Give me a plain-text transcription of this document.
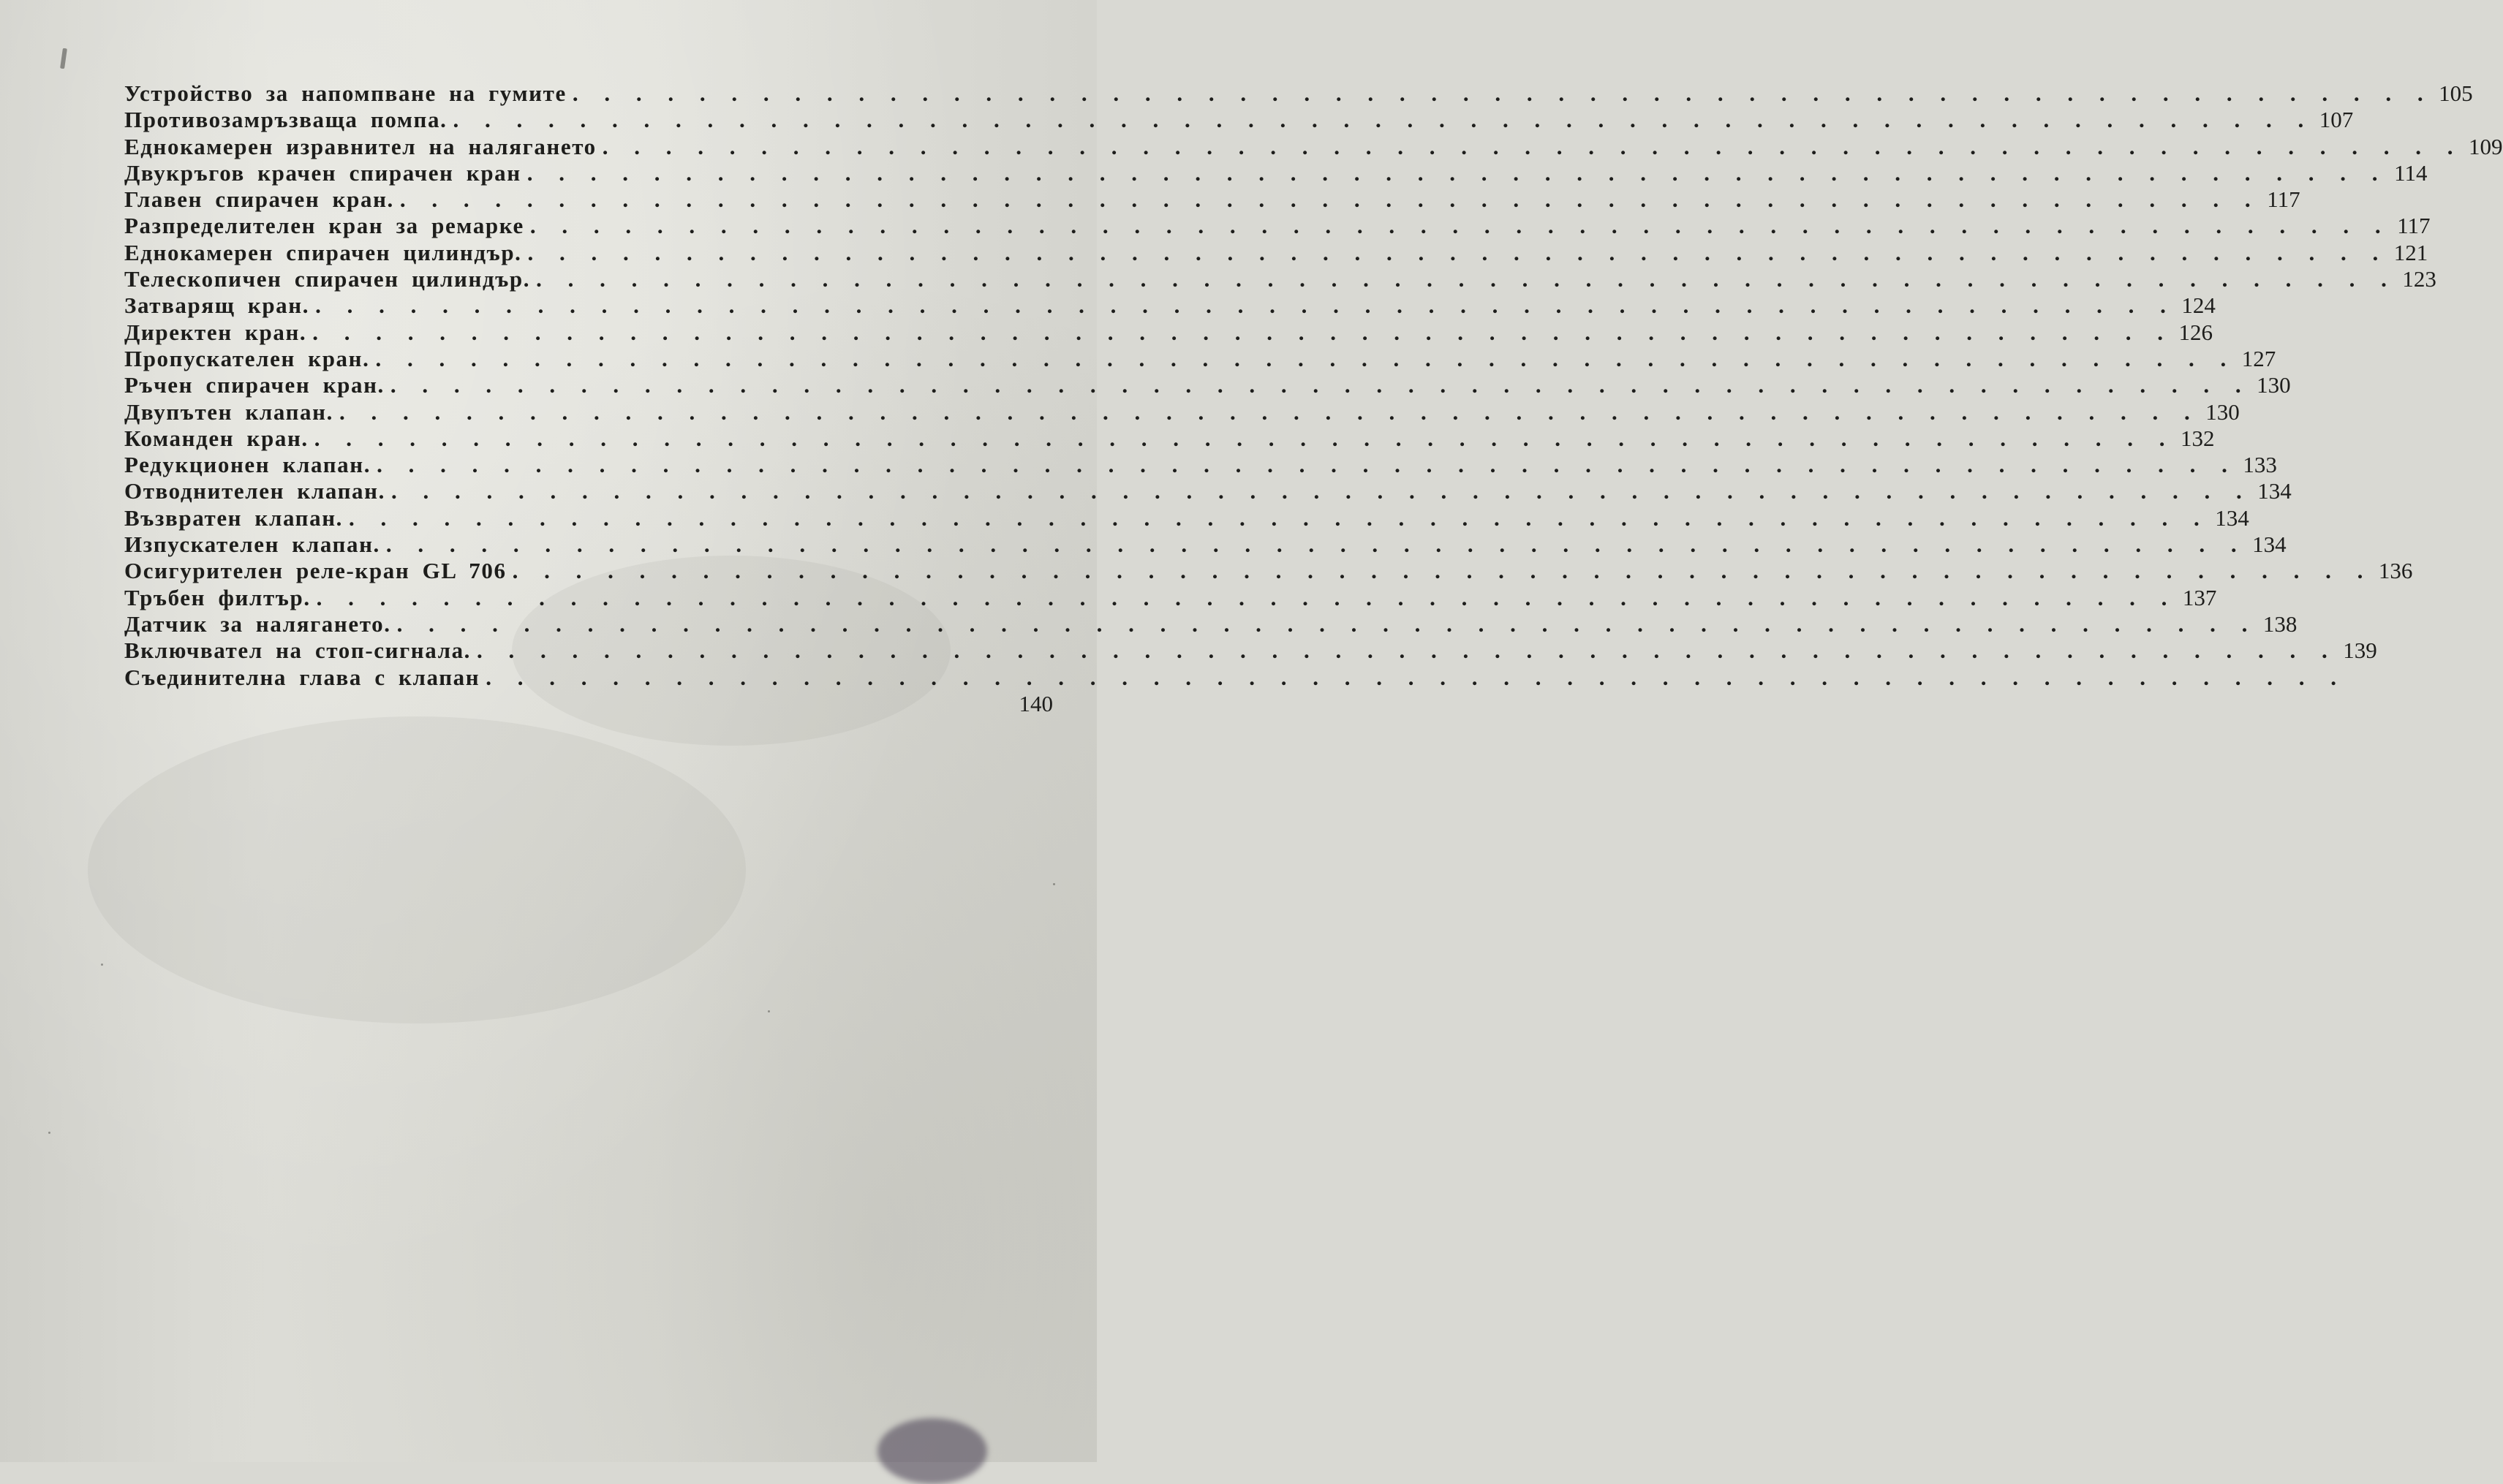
Устройство за напомпване на гумите . . . . . . . . . . . . . . . . . . . . . . . . . . . . . . . . . . . . . . . . . . . . . . . . . . . . . . . . . . . 105
Противозамръзваща помпа. . . . . . . . . . . . . . . . . . . . . . . . . . . . . . . . . . . . . . . . . . . . . . . . . . . . . . . . . . . . 107
Еднокамерен изравнител на налягането . . . . . . . . . . . . . . . . . . . . . . . . . . . . . . . . . . . . . . . . . . . . . . . . . . . . . . . . . . . 109
Двукръгов крачен спирачен кран . . . . . . . . . . . . . . . . . . . . . . . . . . . . . . . . . . . . . . . . . . . . . . . . . . . . . . . . . . . 114
Главен спирачен кран. . . . . . . . . . . . . . . . . . . . . . . . . . . . . . . . . . . . . . . . . . . . . . . . . . . . . . . . . . . . 117
Разпределителен кран за ремарке . . . . . . . . . . . . . . . . . . . . . . . . . . . . . . . . . . . . . . . . . . . . . . . . . . . . . . . . . . . 117
Еднокамерен спирачен цилиндър. . . . . . . . . . . . . . . . . . . . . . . . . . . . . . . . . . . . . . . . . . . . . . . . . . . . . . . . . . . . 121
Телескопичен спирачен цилиндър. . . . . . . . . . . . . . . . . . . . . . . . . . . . . . . . . . . . . . . . . . . . . . . . . . . . . . . . . . . . 123
Затварящ кран. . . . . . . . . . . . . . . . . . . . . . . . . . . . . . . . . . . . . . . . . . . . . . . . . . . . . . . . . . . . 124
Директен кран. . . . . . . . . . . . . . . . . . . . . . . . . . . . . . . . . . . . . . . . . . . . . . . . . . . . . . . . . . . . 126
Пропускателен кран. . . . . . . . . . . . . . . . . . . . . . . . . . . . . . . . . . . . . . . . . . . . . . . . . . . . . . . . . . . . 127
Ръчен спирачен кран. . . . . . . . . . . . . . . . . . . . . . . . . . . . . . . . . . . . . . . . . . . . . . . . . . . . . . . . . . . . 130
Двупътен клапан. . . . . . . . . . . . . . . . . . . . . . . . . . . . . . . . . . . . . . . . . . . . . . . . . . . . . . . . . . . . 130
Команден кран. . . . . . . . . . . . . . . . . . . . . . . . . . . . . . . . . . . . . . . . . . . . . . . . . . . . . . . . . . . . 132
Редукционен клапан. . . . . . . . . . . . . . . . . . . . . . . . . . . . . . . . . . . . . . . . . . . . . . . . . . . . . . . . . . . . 133
Отводнителен клапан. . . . . . . . . . . . . . . . . . . . . . . . . . . . . . . . . . . . . . . . . . . . . . . . . . . . . . . . . . . . 134
Възвратен клапан. . . . . . . . . . . . . . . . . . . . . . . . . . . . . . . . . . . . . . . . . . . . . . . . . . . . . . . . . . . . 134
Изпускателен клапан. . . . . . . . . . . . . . . . . . . . . . . . . . . . . . . . . . . . . . . . . . . . . . . . . . . . . . . . . . . . 134
Осигурителен реле-кран GL 706 . . . . . . . . . . . . . . . . . . . . . . . . . . . . . . . . . . . . . . . . . . . . . . . . . . . . . . . . . . . 136
Тръбен филтър. . . . . . . . . . . . . . . . . . . . . . . . . . . . . . . . . . . . . . . . . . . . . . . . . . . . . . . . . . . . 137
Датчик за налягането. . . . . . . . . . . . . . . . . . . . . . . . . . . . . . . . . . . . . . . . . . . . . . . . . . . . . . . . . . . . 138
Включвател на стоп-сигнала. . . . . . . . . . . . . . . . . . . . . . . . . . . . . . . . . . . . . . . . . . . . . . . . . . . . . . . . . . . . 139
Съединителна глава с клапан . . . . . . . . . . . . . . . . . . . . . . . . . . . . . . . . . . . . . . . . . . . . . . . . . . . . . . . . . . .
140
